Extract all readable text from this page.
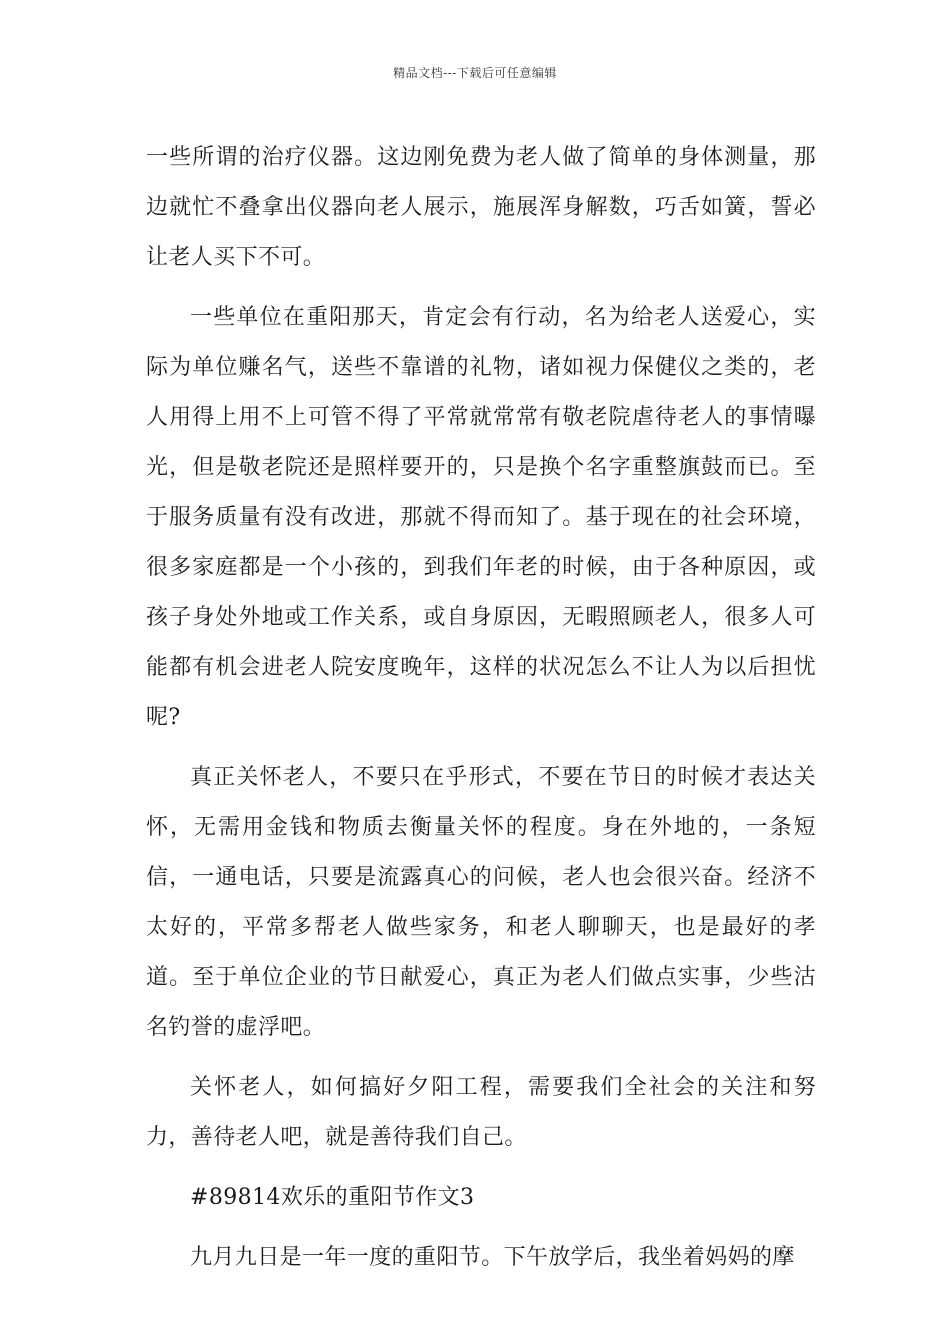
精品文档---下载后可任意编辑

一些所谓的治疗仪器。这边刚免费为老人做了简单的身体测量，那边就忙不叠拿出仪器向老人展示，施展浑身解数，巧舌如簧，誓必让老人买下不可。

一些单位在重阳那天，肯定会有行动，名为给老人送爱心，实际为单位赚名气，送些不靠谱的礼物，诸如视力保健仪之类的，老人用得上用不上可管不得了平常就常常有敬老院虐待老人的事情曝光，但是敬老院还是照样要开的，只是换个名字重整旗鼓而已。至于服务质量有没有改进，那就不得而知了。基于现在的社会环境，很多家庭都是一个小孩的，到我们年老的时候，由于各种原因，或孩子身处外地或工作关系，或自身原因，无暇照顾老人，很多人可能都有机会进老人院安度晚年，这样的状况怎么不让人为以后担忧呢?

真正关怀老人，不要只在乎形式，不要在节日的时候才表达关怀，无需用金钱和物质去衡量关怀的程度。身在外地的，一条短信，一通电话，只要是流露真心的问候，老人也会很兴奋。经济不太好的，平常多帮老人做些家务，和老人聊聊天，也是最好的孝道。至于单位企业的节日献爱心，真正为老人们做点实事，少些沽名钓誉的虚浮吧。

关怀老人，如何搞好夕阳工程，需要我们全社会的关注和努力，善待老人吧，就是善待我们自己。

#89814欢乐的重阳节作文3

九月九日是一年一度的重阳节。下午放学后，我坐着妈妈的摩
